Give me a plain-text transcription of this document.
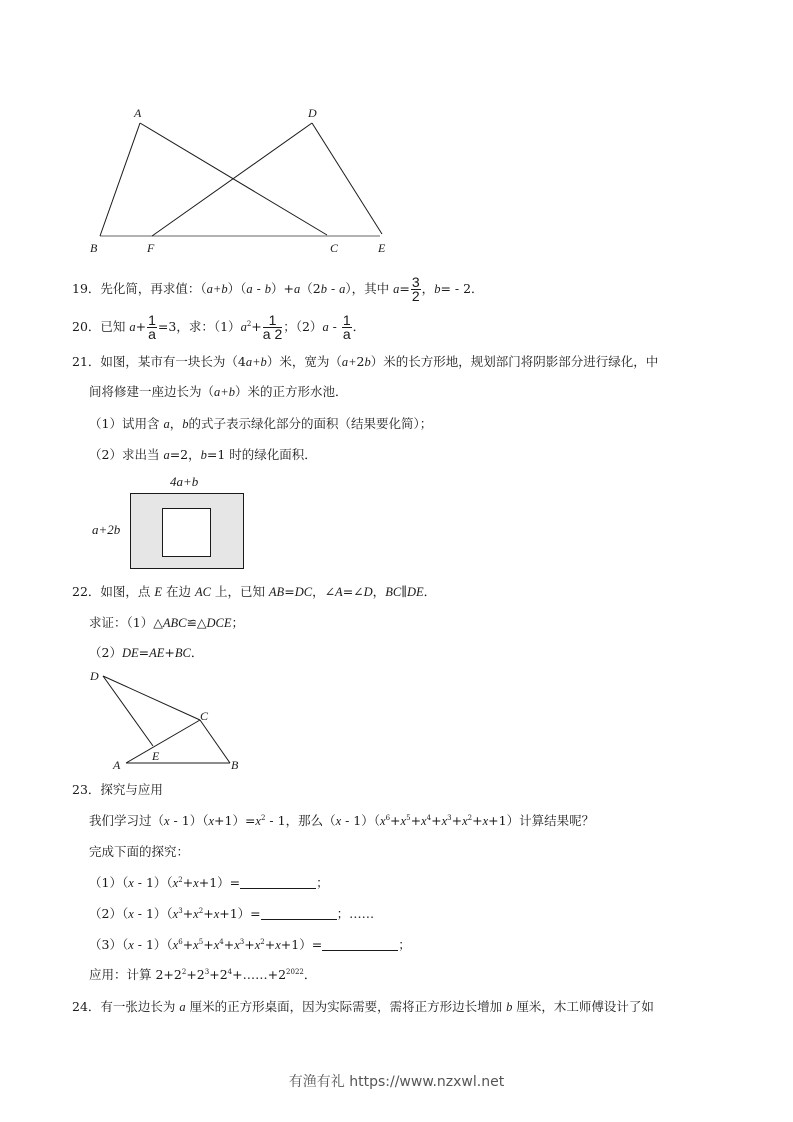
A	D
B	F	C	E
19．先化简，再求值：（a+b）（a - b）+a（2b - a），其中 $a= \frac{3}{2}$ ，b= - 2．
20．已知 $a+ \frac{1}{a} =3$，求：$(1)a^2+ \frac{1}{a 2}$ ；$(2)a - \frac{1}{a}$ ．
21．如图，某市有一块长为（4a+b）米，宽为（a+2b）米的长方形地，规划部门将阴影部分进行绿化，中
间将修建一座边长为（a+b）米的正方形水池．
（1）试用含 a，b的式子表示绿化部分的面积（结果要化简）；
（2）求出当 a=2，b=1 时的绿化面积．
4a+b
a+2b
22．如图，点 E 在边 AC 上，已知 AB=DC，∠A=∠D，BC∥DE．
求证：（1）△ABC≌△DCE；
（2）DE=AE+BC．
D
C
E
A	B
23．探究与应用
我们学习过$(x - 1)(x+1)=x^2 - 1$，那么$(x - 1)(x^6+x^5+x^4+x^3+x^2+x+1)$计算结果呢？
完成下面的探究：
$(1)(x - 1)(x^2+x+1)=$	；
$(2)(x - 1)(x^3+x^2+x+1)=$	；……
$(3)(x - 1)(x^6+x^5+x^4+x^3+x^2+x+1)=$	；
应用：计算 $2+2^2+2^3+2^4+\dots\dots+2^{2022}$．
24．有一张边长为 a 厘米的正方形桌面，因为实际需要，需将正方形边长增加 b 厘米，木工师傅设计了如
有渔有礼 https://www.nzxwl.net
